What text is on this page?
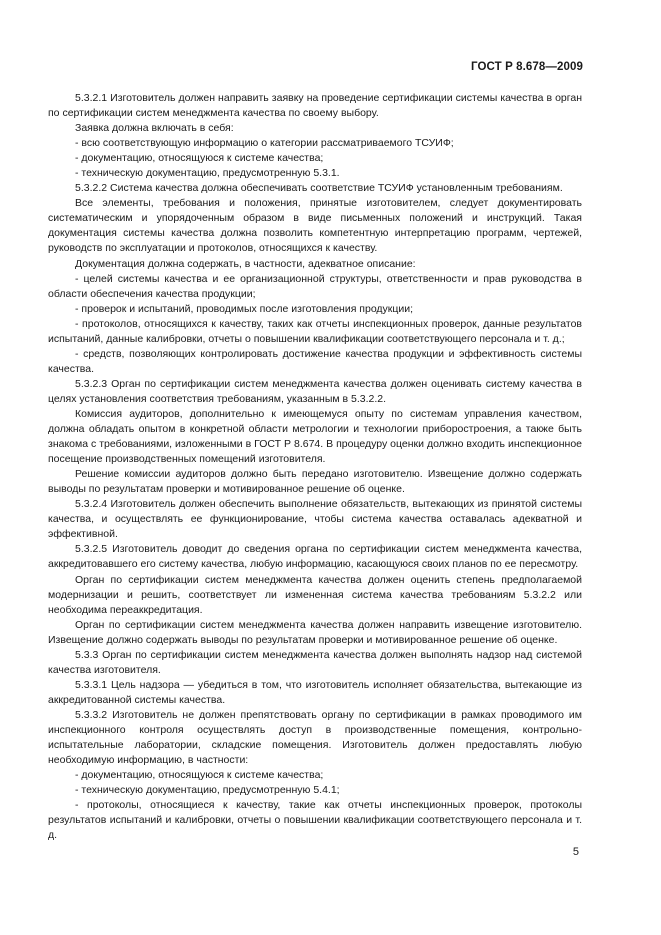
ГОСТ Р 8.678—2009

5.3.2.1 Изготовитель должен направить заявку на проведение сертификации системы качества в орган по сертификации систем менеджмента качества по своему выбору.

Заявка должна включать в себя:

- всю соответствующую информацию о категории рассматриваемого ТСУИФ;

- документацию, относящуюся к системе качества;

- техническую документацию, предусмотренную 5.3.1.

5.3.2.2 Система качества должна обеспечивать соответствие ТСУИФ установленным требованиям.

Все элементы, требования и положения, принятые изготовителем, следует документировать систематическим и упорядоченным образом в виде письменных положений и инструкций. Такая документация системы качества должна позволить компетентную интерпретацию программ, чертежей, руководств по эксплуатации и протоколов, относящихся к качеству.

Документация должна содержать, в частности, адекватное описание:

- целей системы качества и ее организационной структуры, ответственности и прав руководства в области обеспечения качества продукции;

- проверок и испытаний, проводимых после изготовления продукции;

- протоколов, относящихся к качеству, таких как отчеты инспекционных проверок, данные результатов испытаний, данные калибровки, отчеты о повышении квалификации соответствующего персонала и т. д.;

- средств, позволяющих контролировать достижение качества продукции и эффективность системы качества.

5.3.2.3 Орган по сертификации систем менеджмента качества должен оценивать систему качества в целях установления соответствия требованиям, указанным в 5.3.2.2.

Комиссия аудиторов, дополнительно к имеющемуся опыту по системам управления качеством, должна обладать опытом в конкретной области метрологии и технологии приборостроения, а также быть знакома с требованиями, изложенными в ГОСТ Р 8.674. В процедуру оценки должно входить инспекционное посещение производственных помещений изготовителя.

Решение комиссии аудиторов должно быть передано изготовителю. Извещение должно содержать выводы по результатам проверки и мотивированное решение об оценке.

5.3.2.4 Изготовитель должен обеспечить выполнение обязательств, вытекающих из принятой системы качества, и осуществлять ее функционирование, чтобы система качества оставалась адекватной и эффективной.

5.3.2.5 Изготовитель доводит до сведения органа по сертификации систем менеджмента качества, аккредитовавшего его систему качества, любую информацию, касающуюся своих планов по ее пересмотру.

Орган по сертификации систем менеджмента качества должен оценить степень предполагаемой модернизации и решить, соответствует ли измененная система качества требованиям 5.3.2.2 или необходима переаккредитация.

Орган по сертификации систем менеджмента качества должен направить извещение изготовителю. Извещение должно содержать выводы по результатам проверки и мотивированное решение об оценке.

5.3.3 Орган по сертификации систем менеджмента качества должен выполнять надзор над системой качества изготовителя.

5.3.3.1 Цель надзора — убедиться в том, что изготовитель исполняет обязательства, вытекающие из аккредитованной системы качества.

5.3.3.2 Изготовитель не должен препятствовать органу по сертификации в рамках проводимого им инспекционного контроля осуществлять доступ в производственные помещения, контрольно-испытательные лаборатории, складские помещения. Изготовитель должен предоставлять любую необходимую информацию, в частности:

- документацию, относящуюся к системе качества;

- техническую документацию, предусмотренную 5.4.1;

- протоколы, относящиеся к качеству, такие как отчеты инспекционных проверок, протоколы результатов испытаний и калибровки, отчеты о повышении квалификации соответствующего персонала и т. д.

5
